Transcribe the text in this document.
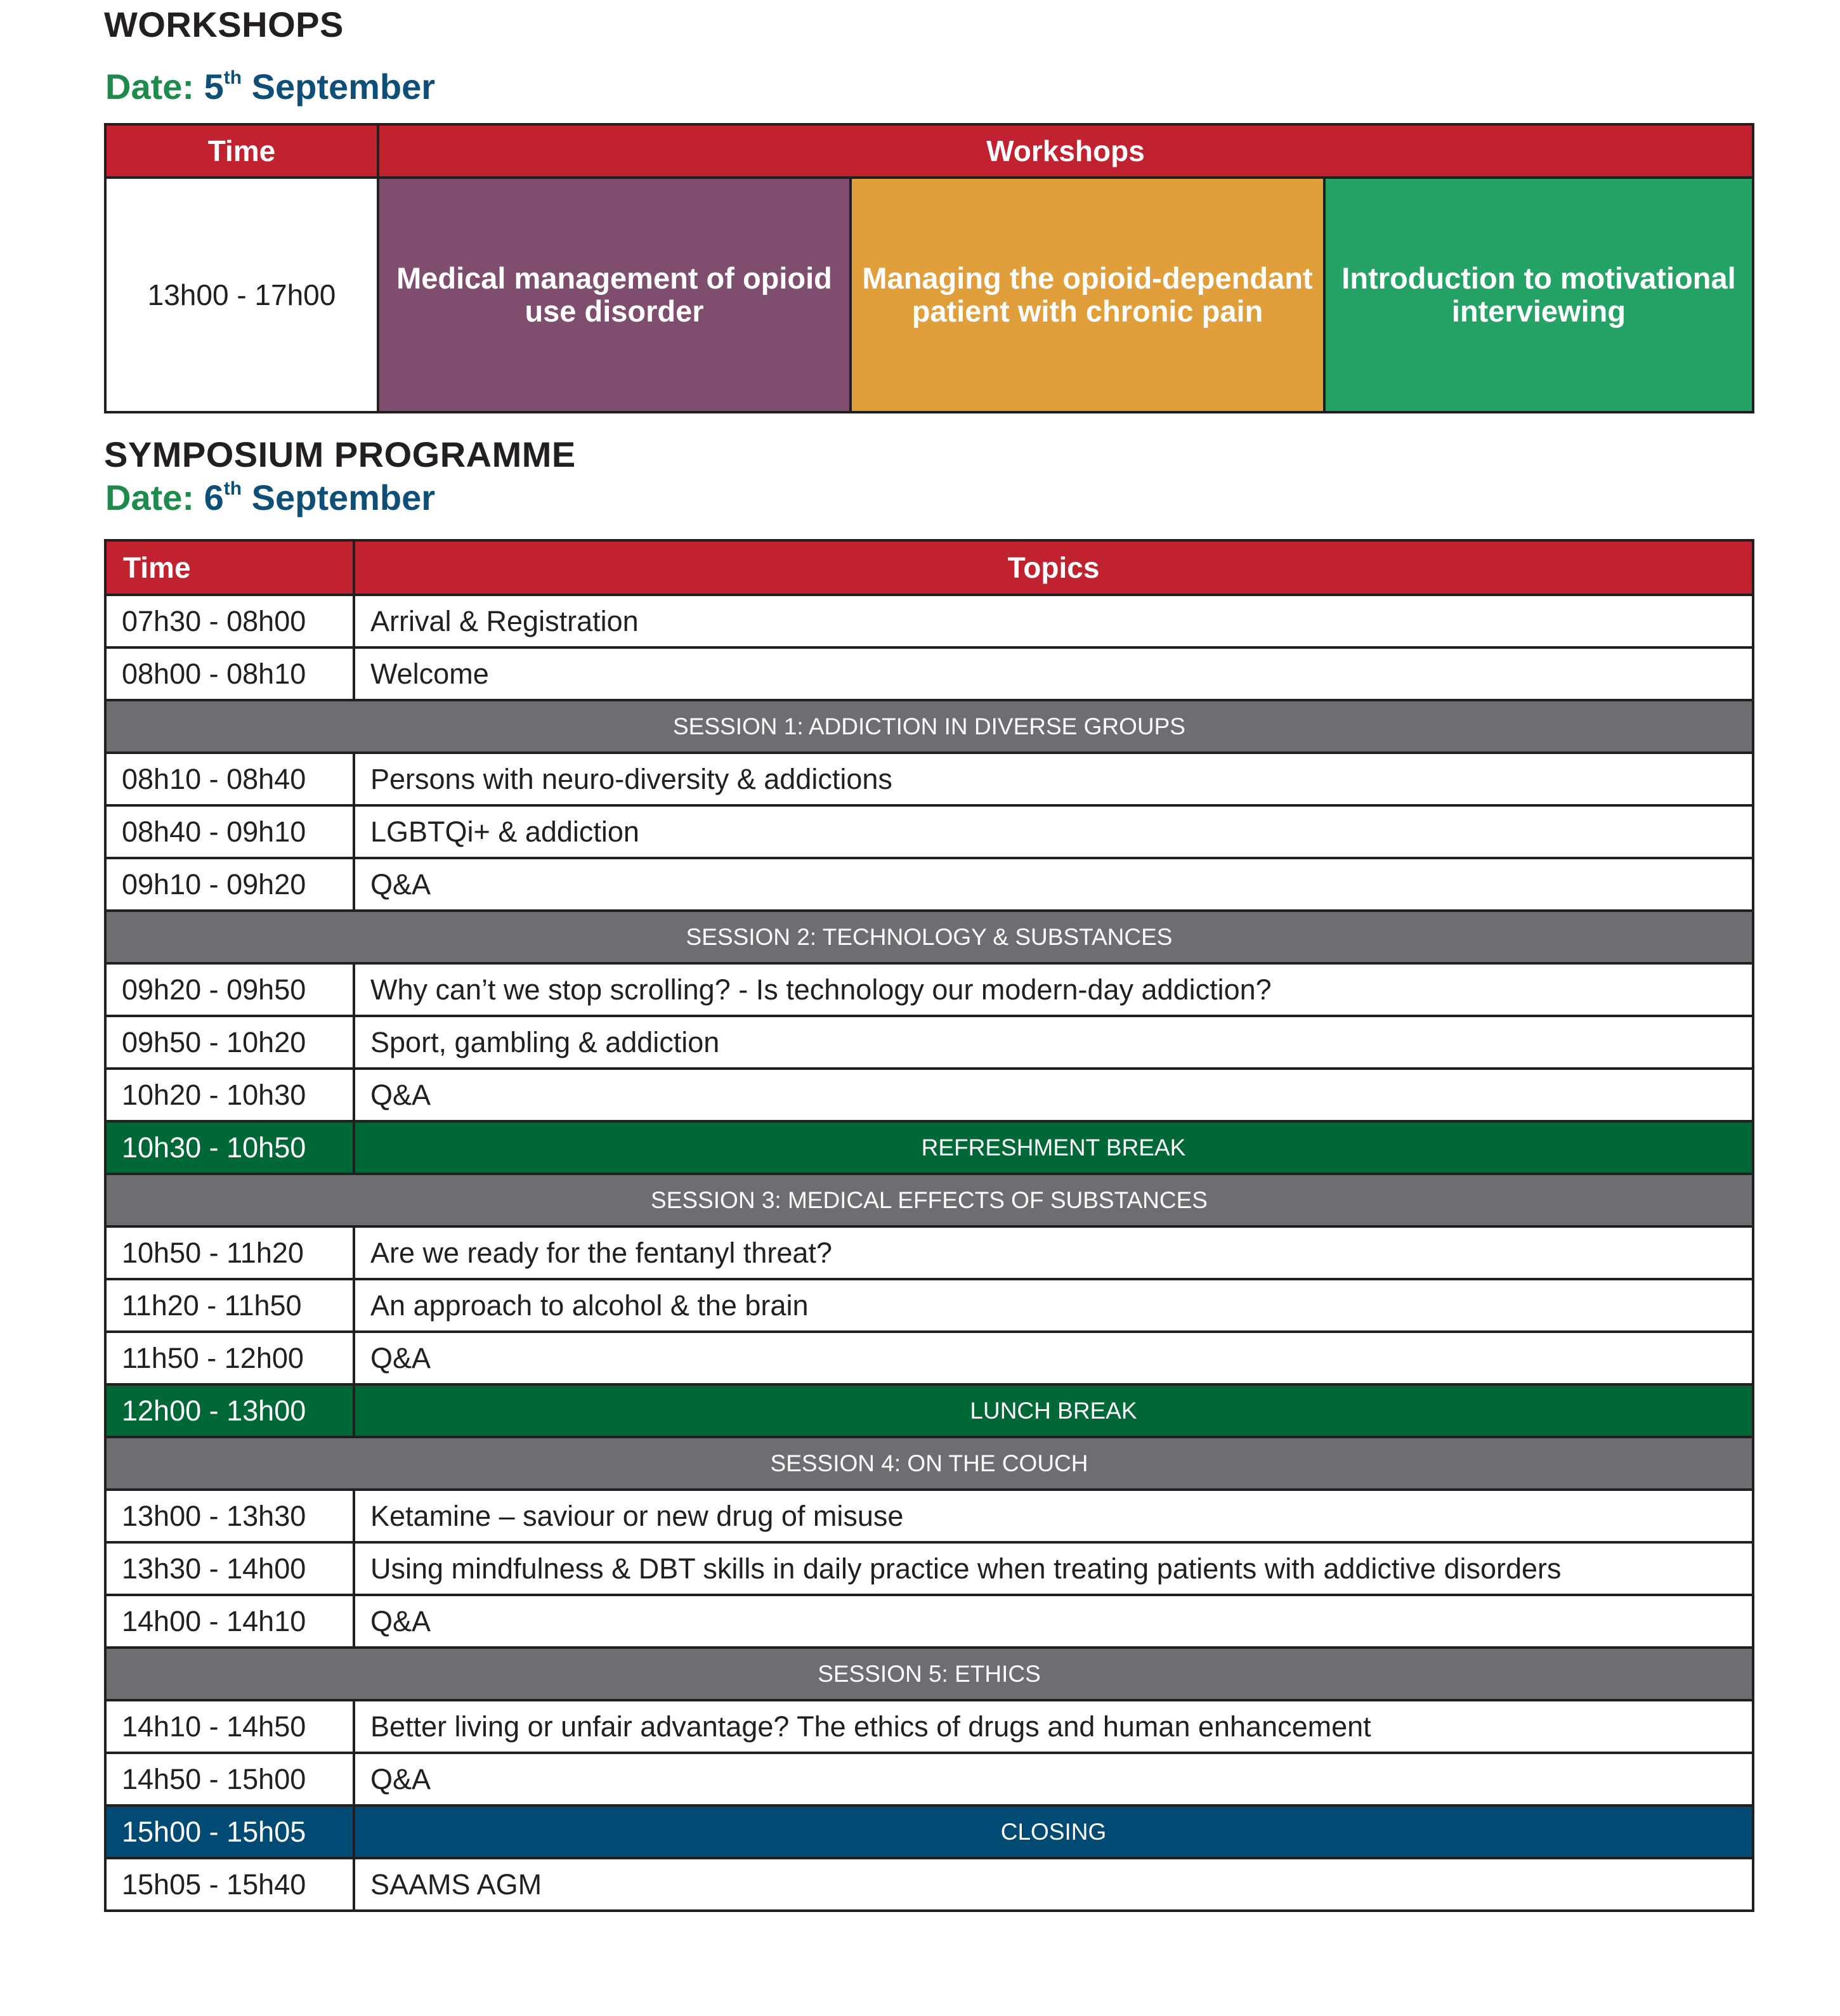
WORKSHOPS

Date: 5th September

Time	Workshops		
13h00 - 17h00	Medical management of opioid use disorder	Managing the opioid-dependant patient with chronic pain	Introduction to motivational interviewing
SYMPOSIUM PROGRAMME

Date: 6th September

Time	Topics
07h30 - 08h00	Arrival & Registration
08h00 - 08h10	Welcome
SESSION 1: ADDICTION IN DIVERSE GROUPS	
08h10 - 08h40	Persons with neuro-diversity & addictions
08h40 - 09h10	LGBTQi+ & addiction
09h10 - 09h20	Q&A
SESSION 2: TECHNOLOGY & SUBSTANCES	
09h20 - 09h50	Why can’t we stop scrolling? - Is technology our modern-day addiction?
09h50 - 10h20	Sport, gambling & addiction
10h20 - 10h30	Q&A
10h30 - 10h50	REFRESHMENT BREAK
SESSION 3: MEDICAL EFFECTS OF SUBSTANCES	
10h50 - 11h20	Are we ready for the fentanyl threat?
11h20 - 11h50	An approach to alcohol & the brain
11h50 - 12h00	Q&A
12h00 - 13h00	LUNCH BREAK
SESSION 4: ON THE COUCH	
13h00 - 13h30	Ketamine – saviour or new drug of misuse
13h30 - 14h00	Using mindfulness & DBT skills in daily practice when treating patients with addictive disorders
14h00 - 14h10	Q&A
SESSION 5: ETHICS	
14h10 - 14h50	Better living or unfair advantage? The ethics of drugs and human enhancement
14h50 - 15h00	Q&A
15h00 - 15h05	CLOSING
15h05 - 15h40	SAAMS AGM
